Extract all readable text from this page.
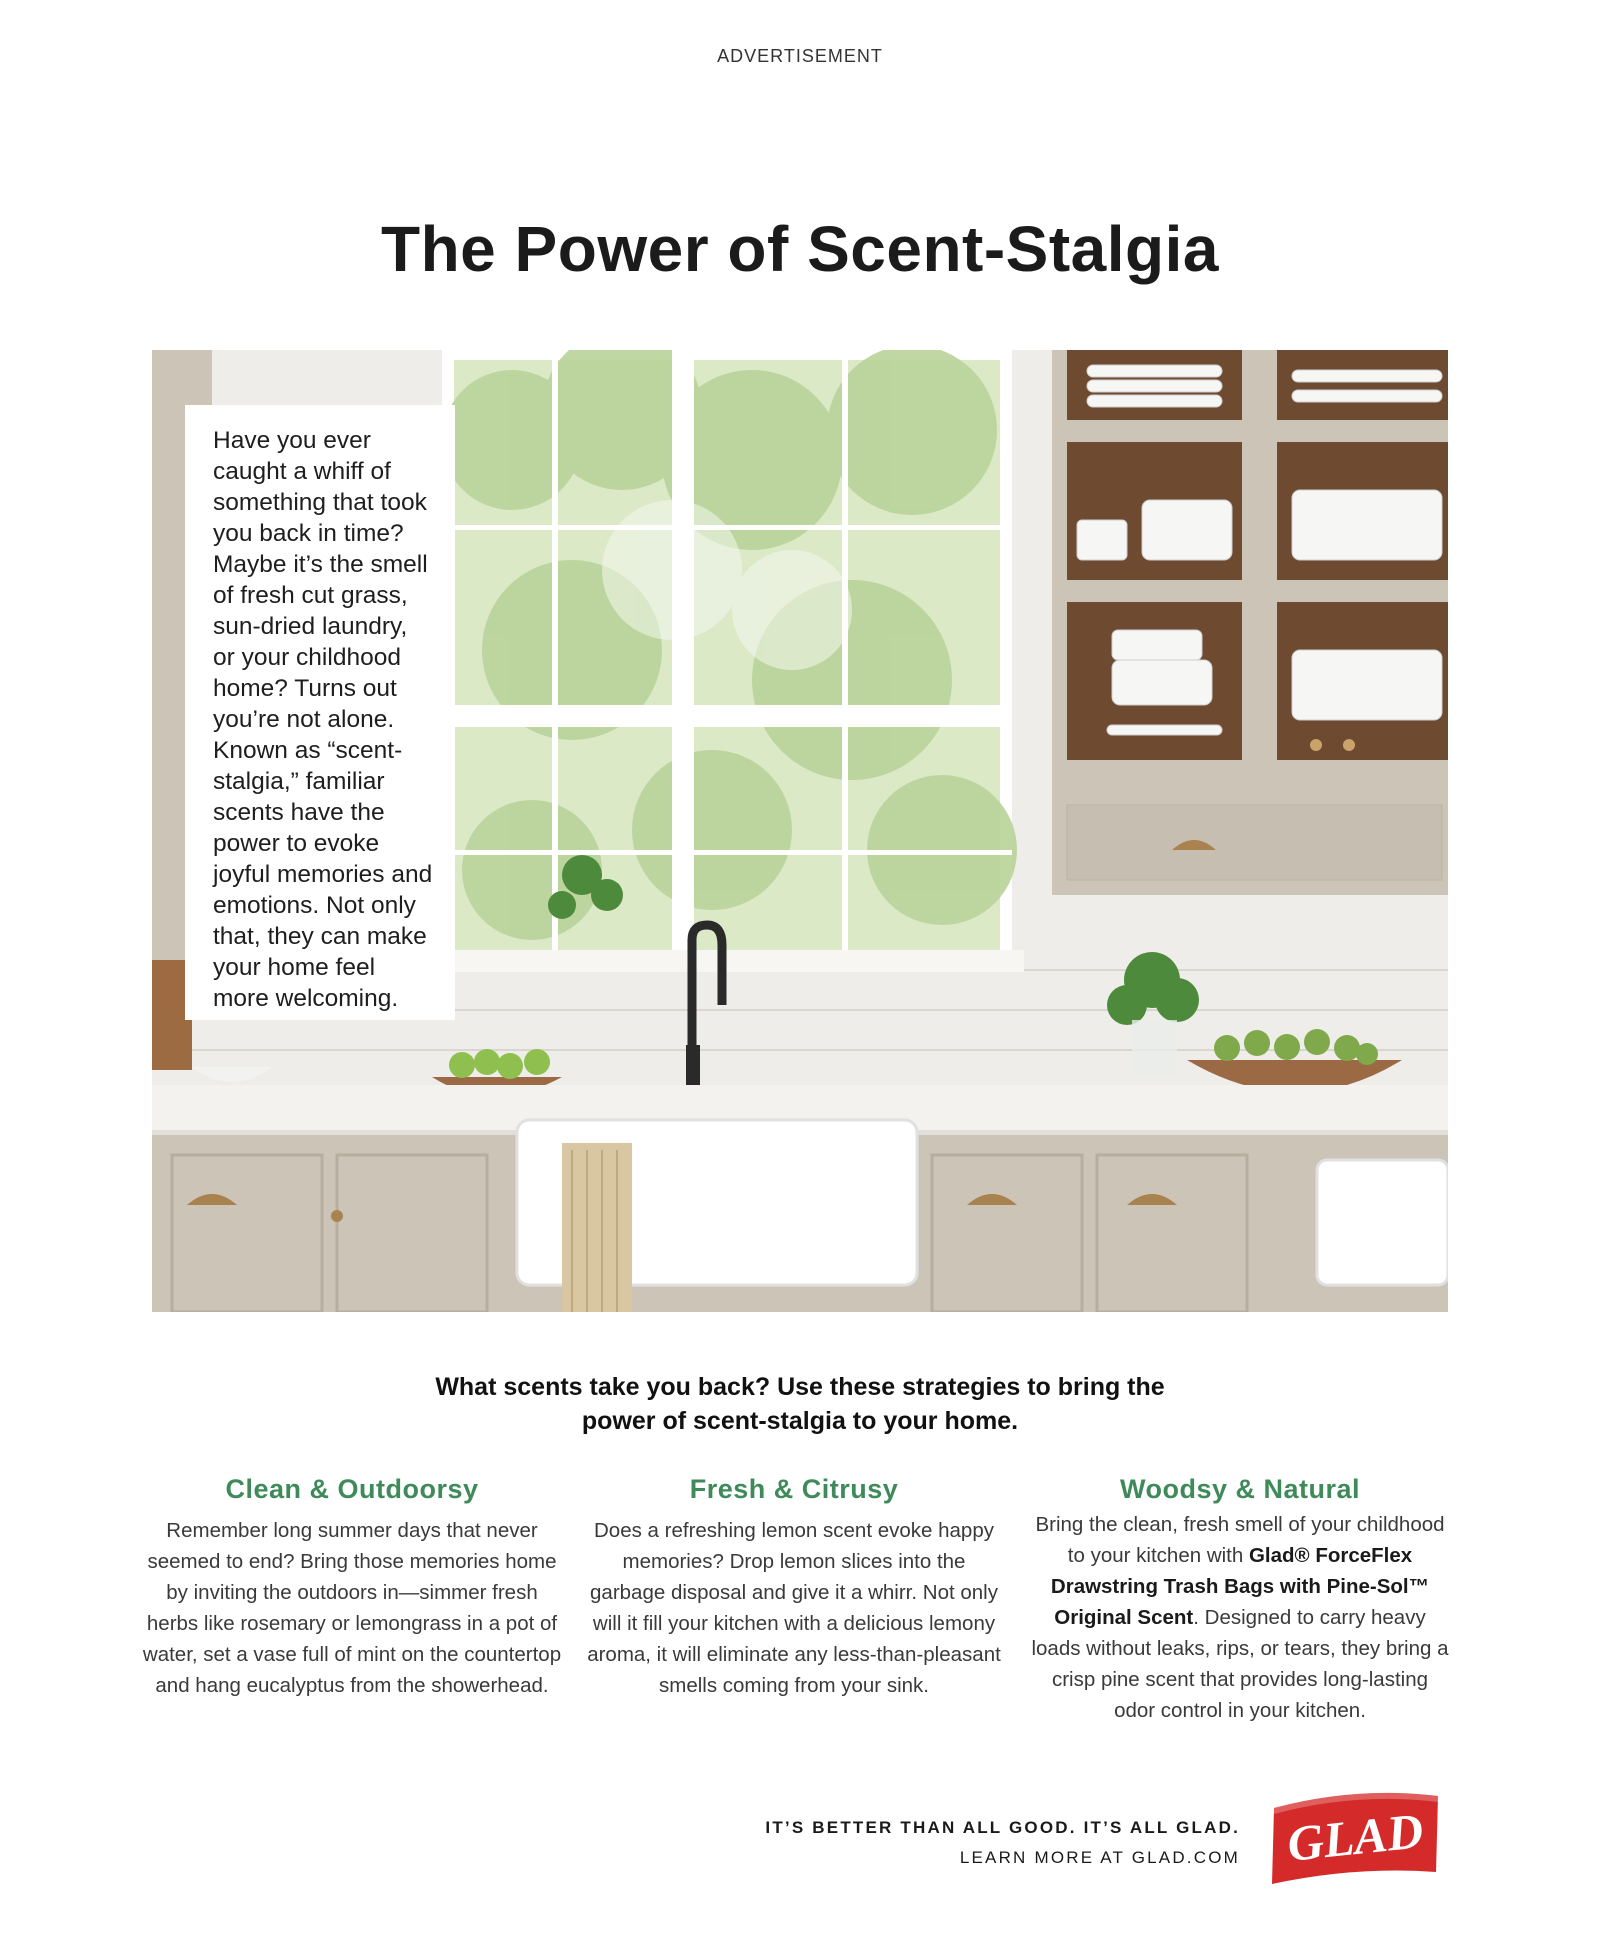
ADVERTISEMENT
The Power of Scent-Stalgia

Have you ever caught a whiff of something that took you back in time? Maybe it’s the smell of fresh cut grass, sun-dried laundry, or your childhood home? Turns out you’re not alone. Known as “scent-stalgia,” familiar scents have the power to evoke joyful memories and emotions. Not only that, they can make your home feel more welcoming.

What scents take you back? Use these strategies to bring the power of scent-stalgia to your home.
Clean & Outdoorsy

Remember long summer days that never seemed to end? Bring those memories home by inviting the outdoors in—simmer fresh herbs like rosemary or lemongrass in a pot of water, set a vase full of mint on the countertop and hang eucalyptus from the showerhead.

Fresh & Citrusy

Does a refreshing lemon scent evoke happy memories? Drop lemon slices into the garbage disposal and give it a whirr. Not only will it fill your kitchen with a delicious lemony aroma, it will eliminate any less-than-pleasant smells coming from your sink.

Woodsy & Natural

Bring the clean, fresh smell of your childhood to your kitchen with Glad® ForceFlex Drawstring Trash Bags with Pine-Sol™ Original Scent. Designed to carry heavy loads without leaks, rips, or tears, they bring a crisp pine scent that provides long-lasting odor control in your kitchen.

IT’S BETTER THAN ALL GOOD. IT’S ALL GLAD.
LEARN MORE AT GLAD.COM GLAD
